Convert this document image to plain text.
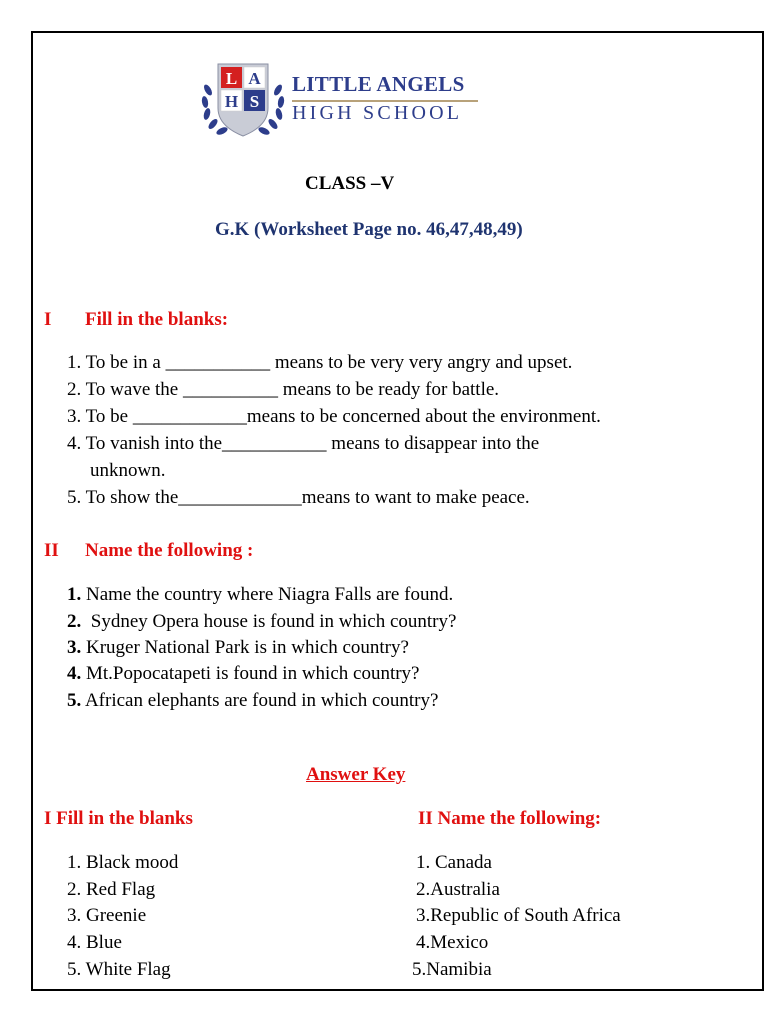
L A
H S
LITTLE ANGELS
HIGH SCHOOL
CLASS –V
G.K (Worksheet Page no. 46,47,48,49)
I Fill in the blanks:
1. To be in a ___________ means to be very very angry and upset.
2. To wave the __________ means to be ready for battle.
3. To be ____________means to be concerned about the environment.
4. To vanish into the___________ means to disappear into the
unknown.
5. To show the_____________means to want to make peace.
II Name the following :
1. Name the country where Niagra Falls are found.
2.  Sydney Opera house is found in which country?
3. Kruger National Park is in which country?
4. Mt.Popocatapeti is found in which country?
5. African elephants are found in which country?
Answer Key
I Fill in the blanks	II Name the following:
1. Black mood
2. Red Flag
3. Greenie
4. Blue
5. White Flag
1. Canada
2.Australia
3.Republic of South Africa
4.Mexico
5.Namibia
